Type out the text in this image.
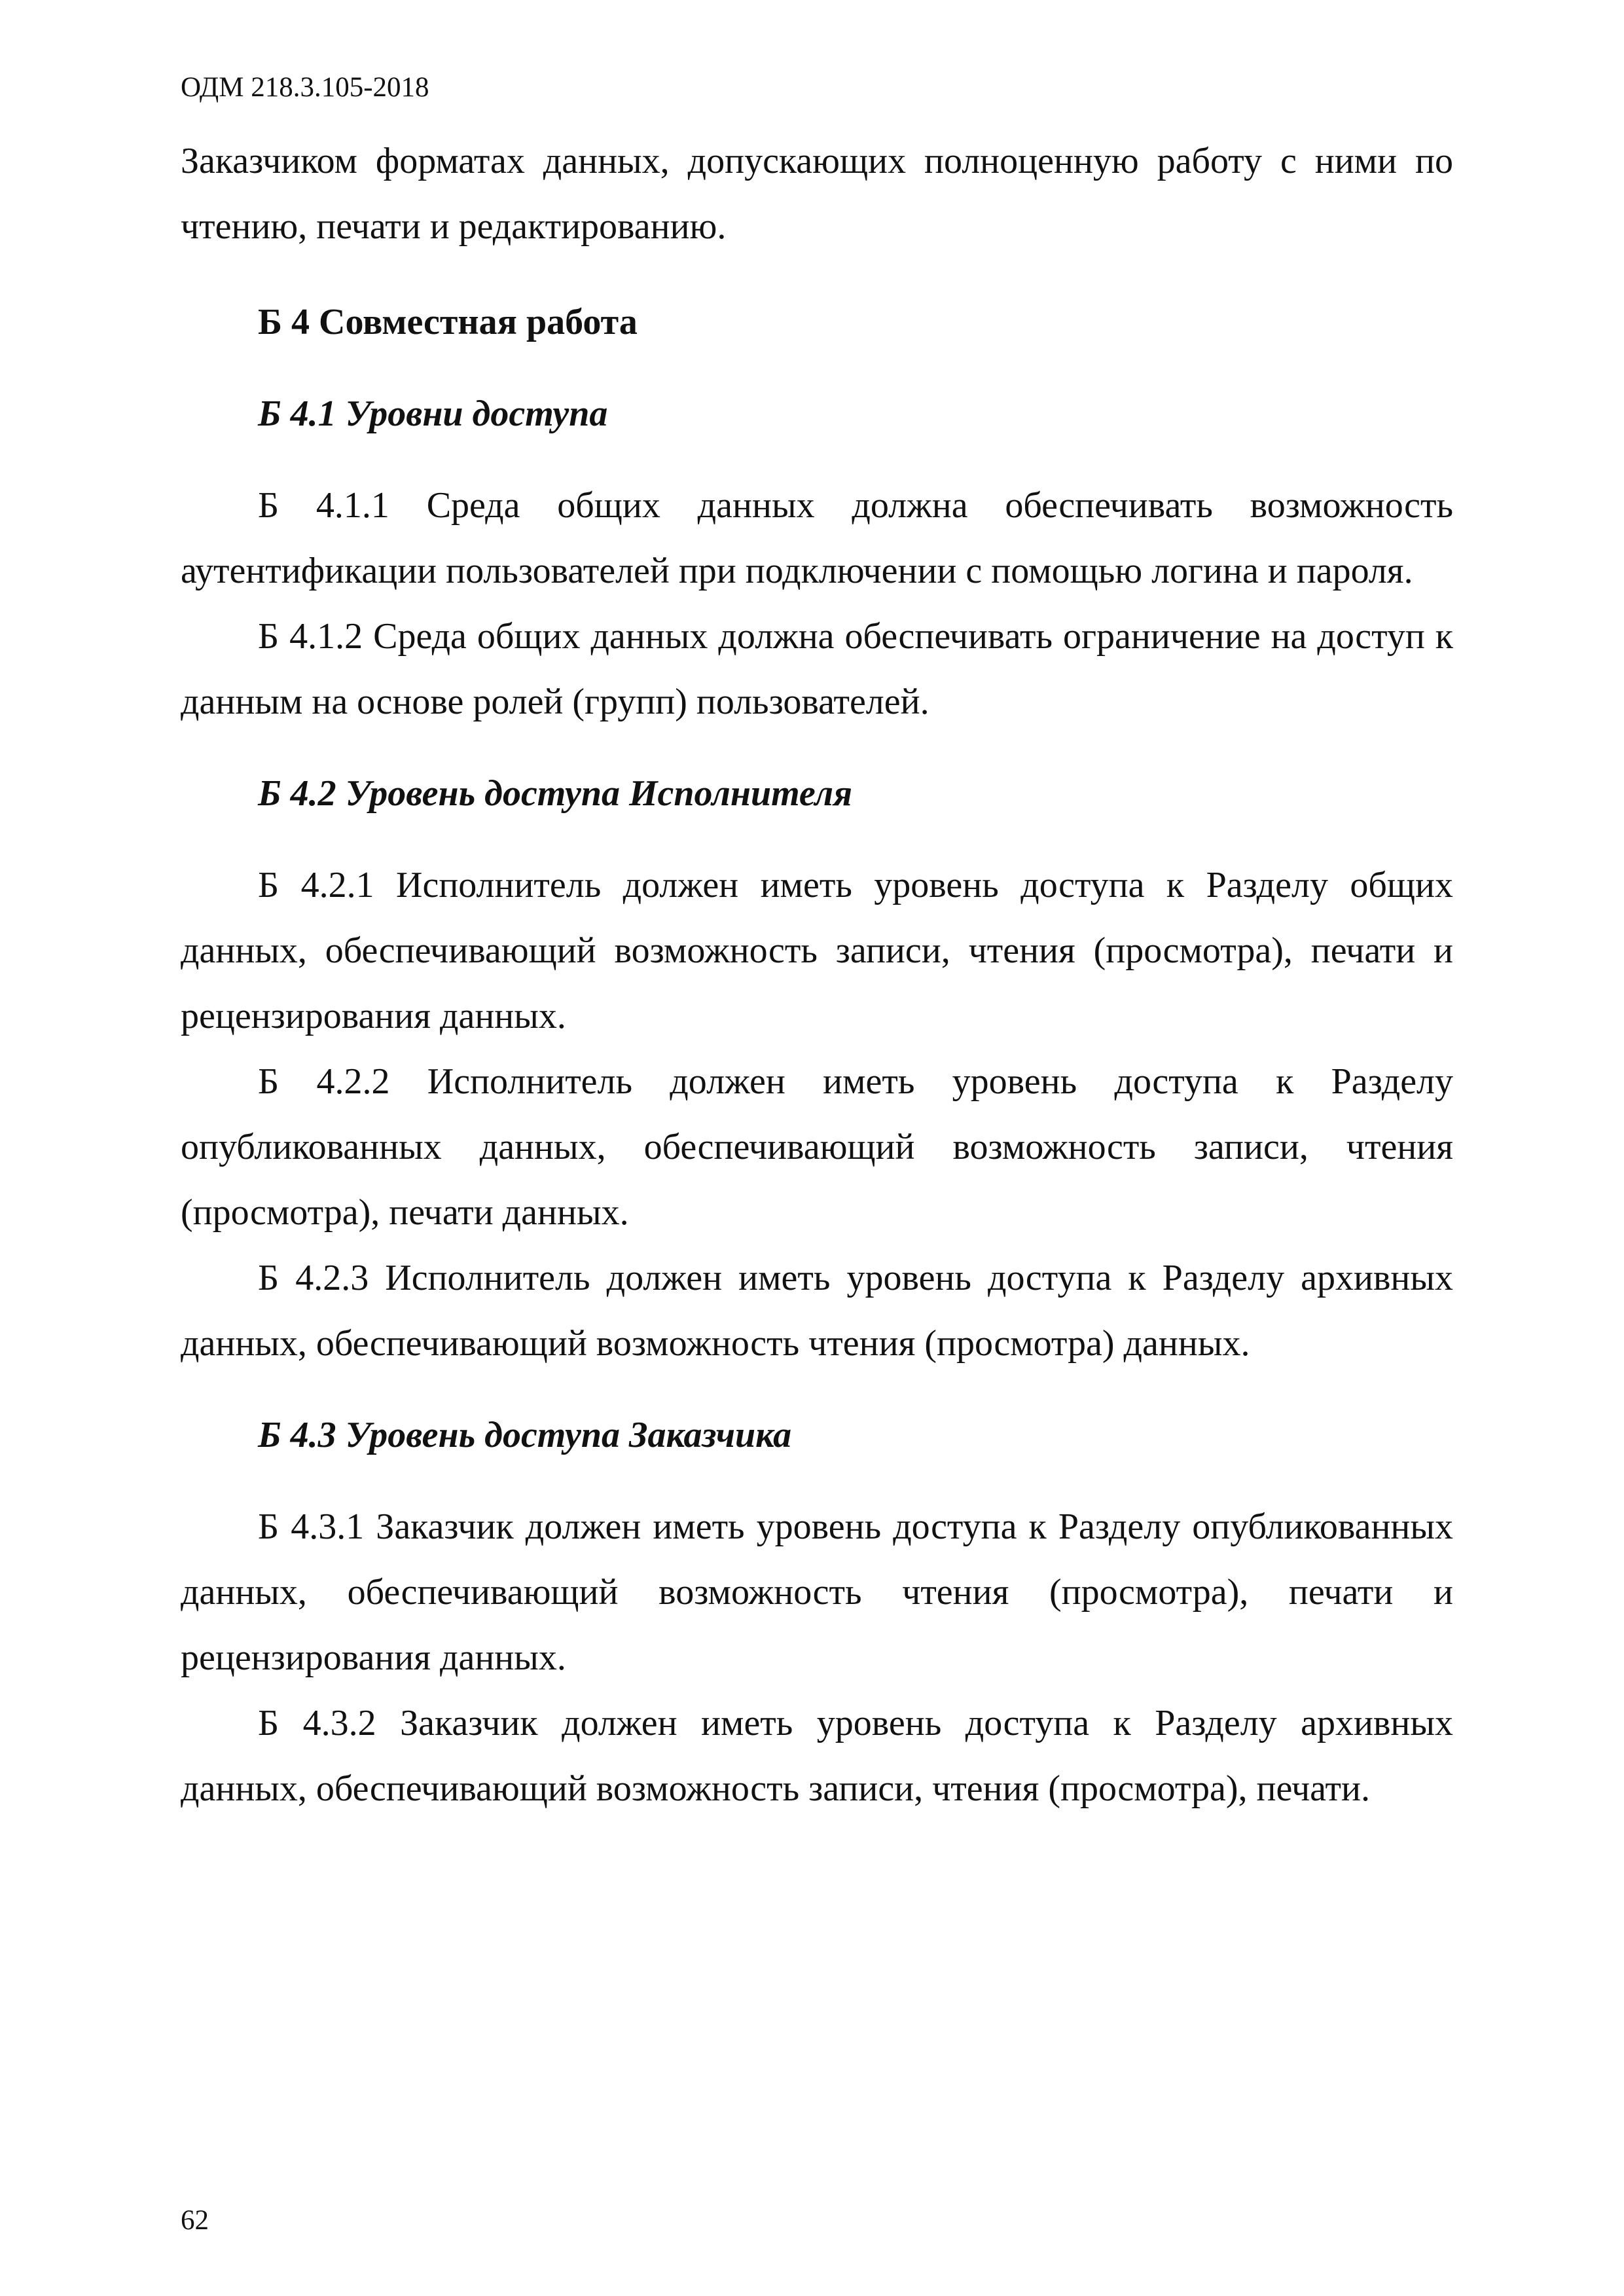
ОДМ 218.3.105-2018

Заказчиком форматах данных, допускающих полноценную работу с ними по чтению, печати и редактированию.

Б 4 Совместная работа
Б 4.1 Уровни доступа

Б 4.1.1 Среда общих данных должна обеспечивать возможность аутентификации пользователей при подключении с помощью логина и пароля.

Б 4.1.2 Среда общих данных должна обеспечивать ограничение на доступ к данным на основе ролей (групп) пользователей.

Б 4.2 Уровень доступа Исполнителя

Б 4.2.1 Исполнитель должен иметь уровень доступа к Разделу общих данных, обеспечивающий возможность записи, чтения (просмотра), печати и рецензирования данных.

Б 4.2.2 Исполнитель должен иметь уровень доступа к Разделу опубликованных данных, обеспечивающий возможность записи, чтения (просмотра), печати данных.

Б 4.2.3 Исполнитель должен иметь уровень доступа к Разделу архивных данных, обеспечивающий возможность чтения (просмотра) данных.

Б 4.3 Уровень доступа Заказчика

Б 4.3.1 Заказчик должен иметь уровень доступа к Разделу опубликованных данных, обеспечивающий возможность чтения (просмотра), печати и рецензирования данных.

Б 4.3.2 Заказчик должен иметь уровень доступа к Разделу архивных данных, обеспечивающий возможность записи, чтения (просмотра), печати.

62
